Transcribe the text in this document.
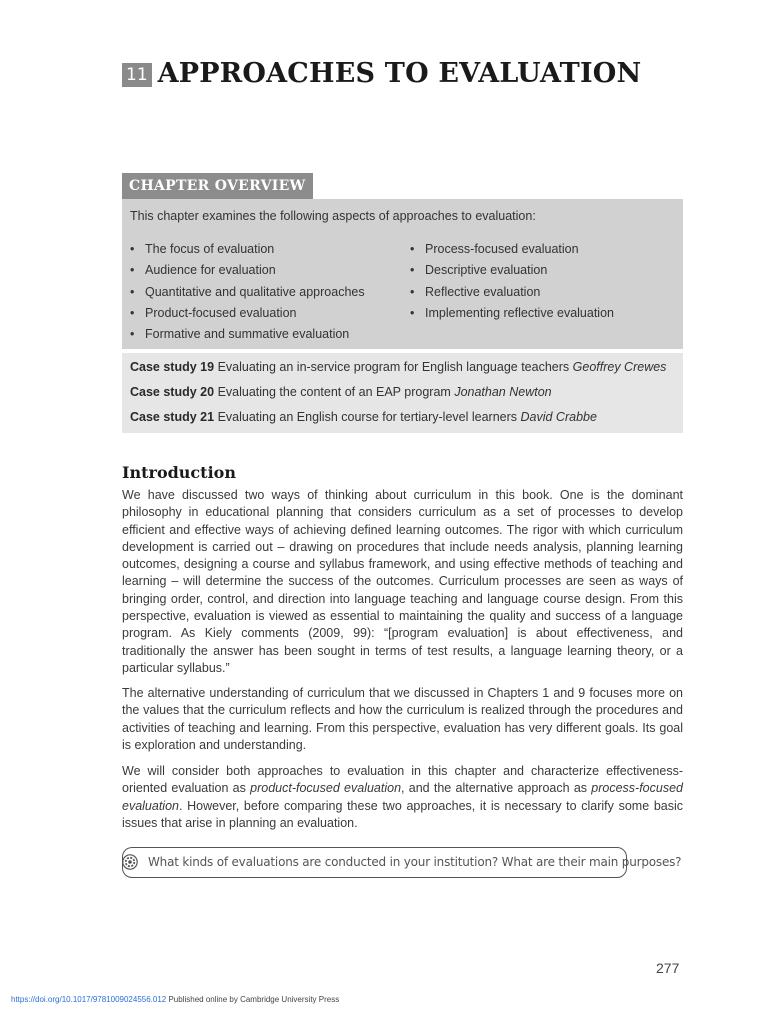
11 APPROACHES TO EVALUATION
CHAPTER OVERVIEW
This chapter examines the following aspects of approaches to evaluation:
• The focus of evaluation
• Audience for evaluation
• Quantitative and qualitative approaches
• Product-focused evaluation
• Formative and summative evaluation
• Process-focused evaluation
• Descriptive evaluation
• Reflective evaluation
• Implementing reflective evaluation
Case study 19 Evaluating an in-service program for English language teachers Geoffrey Crewes
Case study 20 Evaluating the content of an EAP program Jonathan Newton
Case study 21 Evaluating an English course for tertiary-level learners David Crabbe
Introduction

We have discussed two ways of thinking about curriculum in this book. One is the dominant philosophy in educational planning that considers curriculum as a set of processes to develop efficient and effective ways of achieving defined learning outcomes. The rigor with which curriculum development is carried out – drawing on procedures that include needs analysis, planning learning outcomes, designing a course and syllabus framework, and using effective methods of teaching and learning – will determine the success of the outcomes. Curriculum processes are seen as ways of bringing order, control, and direction into language teaching and language course design. From this perspective, evaluation is viewed as essential to maintaining the quality and success of a language program. As Kiely comments (2009, 99): “[program evaluation] is about effectiveness, and traditionally the answer has been sought in terms of test results, a language learning theory, or a particular syllabus.”

The alternative understanding of curriculum that we discussed in Chapters 1 and 9 focuses more on the values that the curriculum reflects and how the curriculum is realized through the procedures and activities of teaching and learning. From this perspective, evaluation has very different goals. Its goal is exploration and understanding.

We will consider both approaches to evaluation in this chapter and characterize effectiveness-oriented evaluation as product-focused evaluation, and the alternative approach as process-focused evaluation. However, before comparing these two approaches, it is necessary to clarify some basic issues that arise in planning an evaluation.

What kinds of evaluations are conducted in your institution? What are their main purposes?
277
https://doi.org/10.1017/9781009024556.012 Published online by Cambridge University Press
